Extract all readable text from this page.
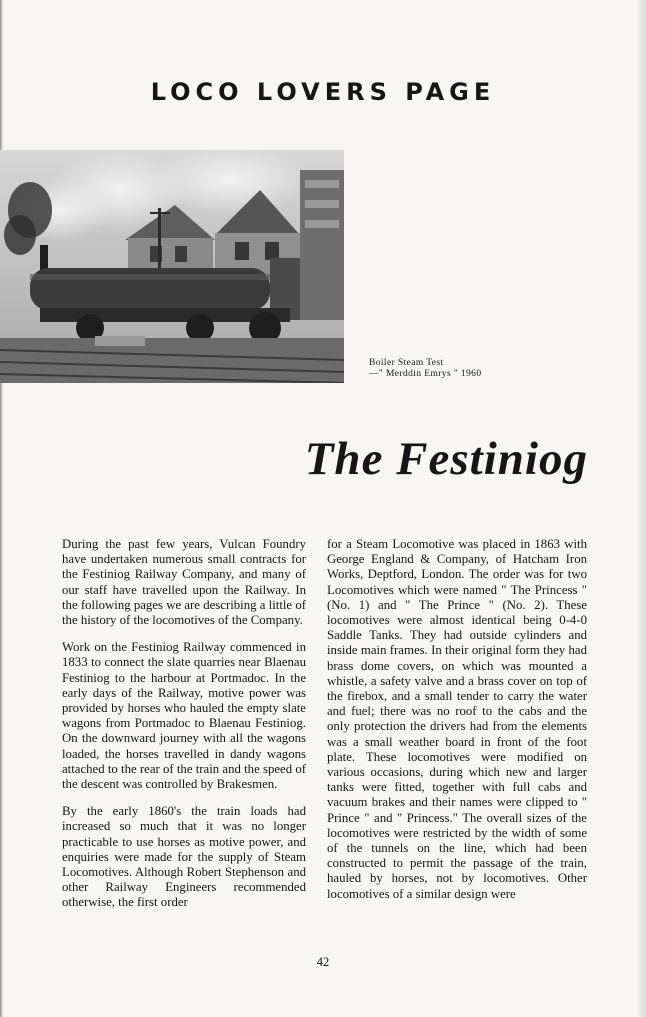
LOCO LOVERS PAGE
Boiler Steam Test
—" Merddin Emrys " 1960
The Festiniog

During the past few years, Vulcan Foundry have undertaken numerous small contracts for the Festiniog Railway Company, and many of our staff have travelled upon the Railway. In the following pages we are describing a little of the history of the locomotives of the Company.

Work on the Festiniog Railway commenced in 1833 to connect the slate quarries near Blaenau Festiniog to the harbour at Portmadoc. In the early days of the Railway, motive power was provided by horses who hauled the empty slate wagons from Portmadoc to Blaenau Festiniog. On the downward journey with all the wagons loaded, the horses travelled in dandy wagons attached to the rear of the train and the speed of the descent was controlled by Brakesmen.

By the early 1860's the train loads had increased so much that it was no longer practicable to use horses as motive power, and enquiries were made for the supply of Steam Locomotives. Although Robert Stephenson and other Railway Engineers recommended otherwise, the first order

for a Steam Locomotive was placed in 1863 with George England & Company, of Hatcham Iron Works, Deptford, London. The order was for two Locomotives which were named " The Princess " (No. 1) and " The Prince " (No. 2). These locomotives were almost identical being 0-4-0 Saddle Tanks. They had outside cylinders and inside main frames. In their original form they had brass dome covers, on which was mounted a whistle, a safety valve and a brass cover on top of the firebox, and a small tender to carry the water and fuel; there was no roof to the cabs and the only protection the drivers had from the elements was a small weather board in front of the foot plate. These locomotives were modified on various occasions, during which new and larger tanks were fitted, together with full cabs and vacuum brakes and their names were clipped to " Prince " and " Princess." The overall sizes of the locomotives were restricted by the width of some of the tunnels on the line, which had been constructed to permit the passage of the train, hauled by horses, not by locomotives. Other locomotives of a similar design were

42
